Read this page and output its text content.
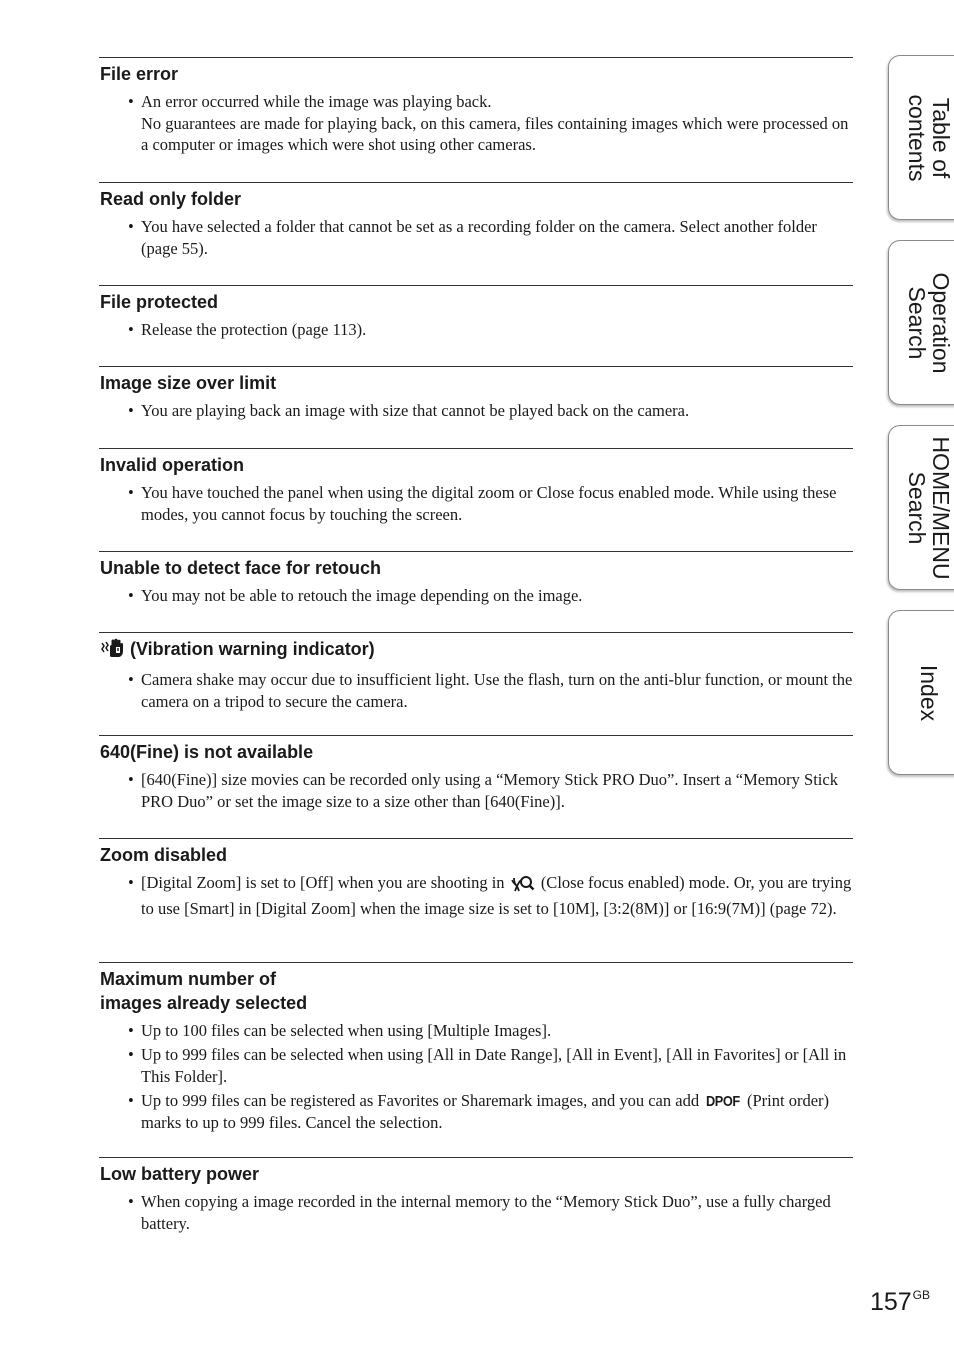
File error
• An error occurred while the image was playing back.
No guarantees are made for playing back, on this camera, files containing images which were processed on a computer or images which were shot using other cameras.
Read only folder
• You have selected a folder that cannot be set as a recording folder on the camera. Select another folder (page 55).
File protected
• Release the protection (page 113).
Image size over limit
• You are playing back an image with size that cannot be played back on the camera.
Invalid operation
• You have touched the panel when using the digital zoom or Close focus enabled mode. While using these modes, you cannot focus by touching the screen.
Unable to detect face for retouch
• You may not be able to retouch the image depending on the image.
(Vibration warning indicator)
• Camera shake may occur due to insufficient light. Use the flash, turn on the anti-blur function, or mount the camera on a tripod to secure the camera.
640(Fine) is not available
• [640(Fine)] size movies can be recorded only using a “Memory Stick PRO Duo”. Insert a “Memory Stick PRO Duo” or set the image size to a size other than [640(Fine)].
Zoom disabled
• [Digital Zoom] is set to [Off] when you are shooting in (Close focus enabled) mode. Or, you are trying to use [Smart] in [Digital Zoom] when the image size is set to [10M], [3:2(8M)] or [16:9(7M)] (page 72).
Maximum number of
images already selected
• Up to 100 files can be selected when using [Multiple Images].
• Up to 999 files can be selected when using [All in Date Range], [All in Event], [All in Favorites] or [All in This Folder].
• Up to 999 files can be registered as Favorites or Sharemark images, and you can add DPOF (Print order) marks to up to 999 files. Cancel the selection.
Low battery power
• When copying a image recorded in the internal memory to the “Memory Stick Duo”, use a fully charged battery.
Table of
contents
Operation
Search
HOME/MENU
Search
Index
$157^{GB}$
